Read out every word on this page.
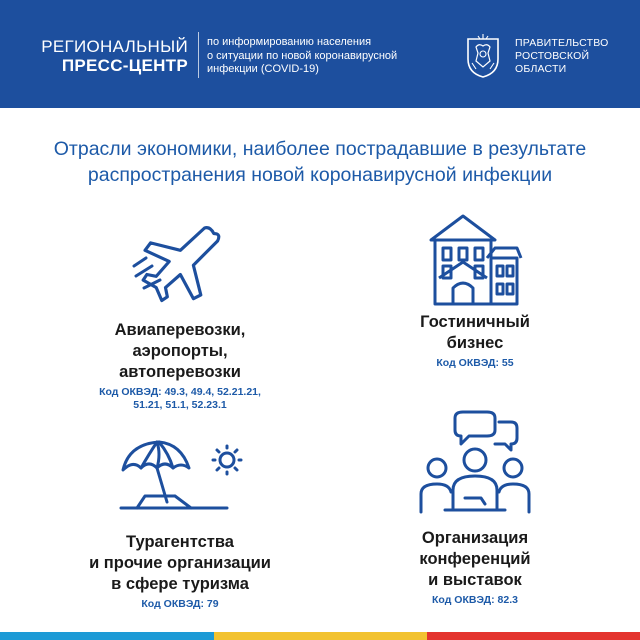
РЕГИОНАЛЬНЫЙ
ПРЕСС-ЦЕНТР
по информированию населения
о ситуации по новой коронавирусной
инфекции (COVID-19)
ПРАВИТЕЛЬСТВО
РОСТОВСКОЙ
ОБЛАСТИ
Отрасли экономики, наиболее пострадавшие в результате
распространения новой коронавирусной инфекции
Авиаперевозки,
аэропорты,
автоперевозки
Код ОКВЭД: 49.3, 49.4, 52.21.21,
51.21, 51.1, 52.23.1
Гостиничный
бизнес
Код ОКВЭД: 55
Турагентства
и прочие организации
в сфере туризма
Код ОКВЭД: 79
Организация
конференций
и выставок
Код ОКВЭД: 82.3
